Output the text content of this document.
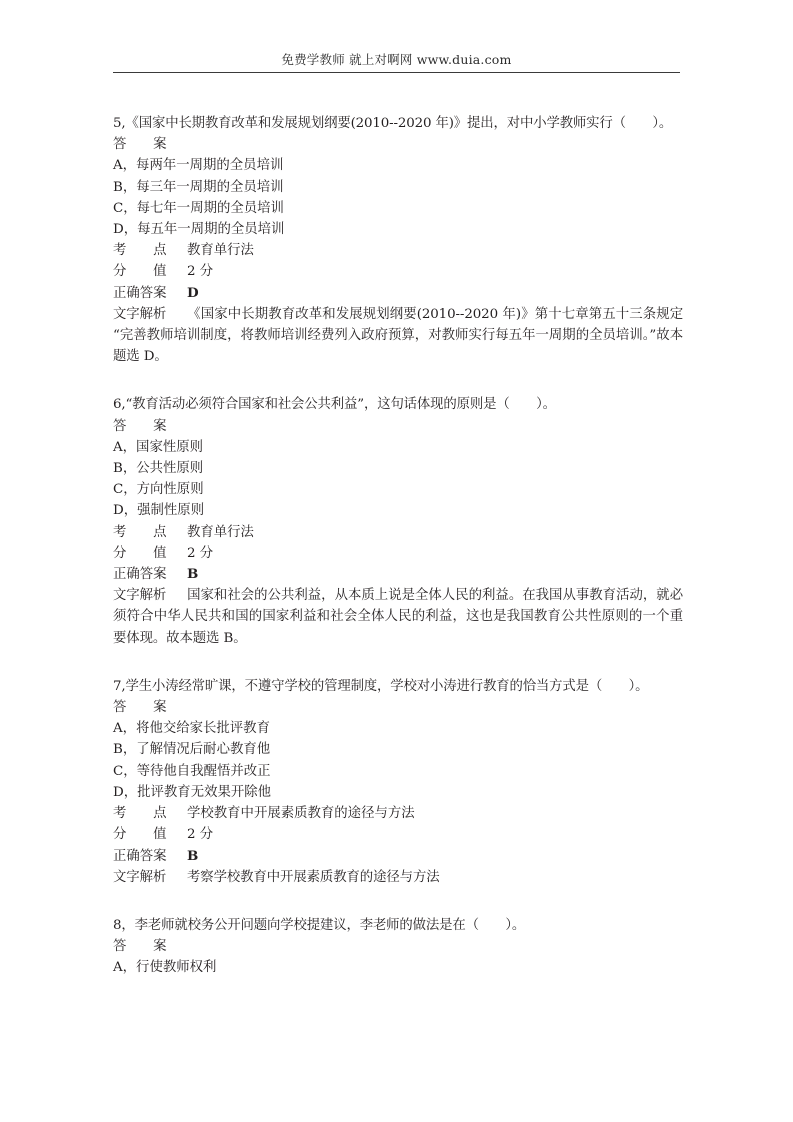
免费学教师 就上对啊网 www.duia.com
5,《国家中长期教育改革和发展规划纲要(2010--2020 年)》提出，对中小学教师实行（　　）。
答　　案
A，每两年一周期的全员培训
B，每三年一周期的全员培训
C，每七年一周期的全员培训
D，每五年一周期的全员培训
考　　点 教育单行法
分　　值 2 分
正确答案 D
文字解析 《国家中长期教育改革和发展规划纲要(2010--2020 年)》第十七章第五十三条规定“完善教师培训制度，将教师培训经费列入政府预算，对教师实行每五年一周期的全员培训。”故本题选 D。
6,“教育活动必须符合国家和社会公共利益”，这句话体现的原则是（　　）。
答　　案
A，国家性原则
B，公共性原则
C，方向性原则
D，强制性原则
考　　点 教育单行法
分　　值 2 分
正确答案 B
文字解析 国家和社会的公共利益，从本质上说是全体人民的利益。在我国从事教育活动，就必须符合中华人民共和国的国家利益和社会全体人民的利益，这也是我国教育公共性原则的一个重要体现。故本题选 B。
7,学生小涛经常旷课，不遵守学校的管理制度，学校对小涛进行教育的恰当方式是（　　）。
答　　案
A，将他交给家长批评教育
B，了解情况后耐心教育他
C，等待他自我醒悟并改正
D，批评教育无效果开除他
考　　点 学校教育中开展素质教育的途径与方法
分　　值 2 分
正确答案 B
文字解析 考察学校教育中开展素质教育的途径与方法
8，李老师就校务公开问题向学校提建议，李老师的做法是在（　　）。
答　　案
A，行使教师权利
